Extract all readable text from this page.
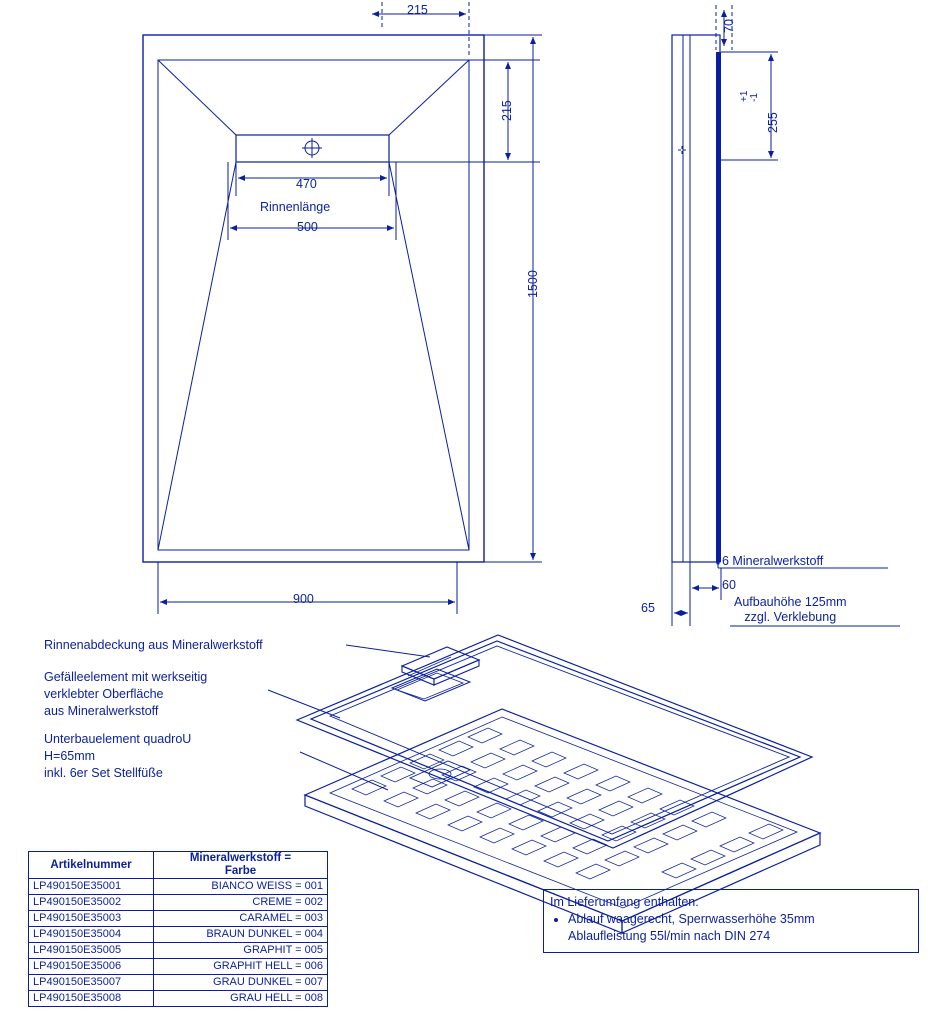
215
215
470
Rinnenlänge
500
1500
900
70
+1
-1
255
6 Mineralwerkstoff
60
65	Aufbauhöhe 125mm
zzgl. Verklebung
Rinnenabdeckung aus Mineralwerkstoff
Gefälleelement mit werkseitig
verklebter Oberfläche
aus Mineralwerkstoff
Unterbauelement quadroU
H=65mm
inkl. 6er Set Stellfüße
Artikelnummer	Mineralwerkstoff =
Farbe
LP490150E35001	BIANCO WEISS = 001
LP490150E35002	CREME = 002
LP490150E35003	CARAMEL = 003
LP490150E35004	BRAUN DUNKEL = 004
LP490150E35005	GRAPHIT = 005
LP490150E35006	GRAPHIT HELL = 006
LP490150E35007	GRAU DUNKEL = 007
LP490150E35008	GRAU HELL = 008
Im Lieferumfang enthalten:
• Ablauf waagerecht, Sperrwasserhöhe 35mm
Ablaufleistung 55l/min nach DIN 274
